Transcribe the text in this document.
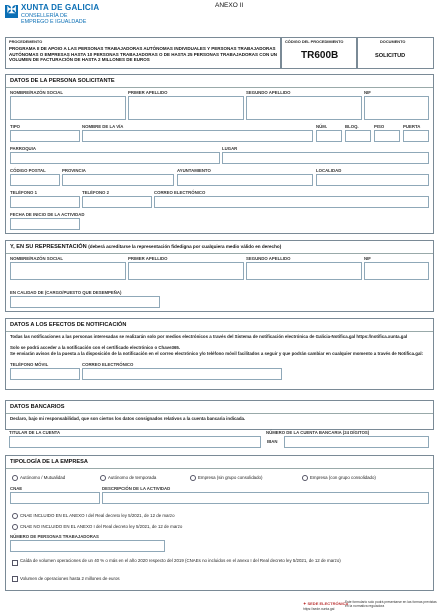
✠ XUNTA DE GALICIA
CONSELLERÍA DE
EMPREGO E IGUALDADE
ANEXO II
PROCEDEMENTO
PROGRAMA II DE APOIO A LAS PERSONAS TRABAJADORAS AUTÓNOMAS INDIVIDUALES Y PERSONAS TRABAJADORAS AUTÓNOMAS O EMPRESAS HASTA 10 PERSONAS TRABAJADORAS O DE HASTA 25 PERSONAS TRABAJADORAS CON UN VOLUMEN DE FACTURACIÓN DE HASTA 2 MILLONES DE EUROS
CÓDIGO DEL PROCEDIMIENTO
TR600B
DOCUMENTO
SOLICITUD
DATOS DE LA PERSONA SOLICITANTE
NOMBRE/RAZÓN SOCIAL	PRIMER APELLIDO	SEGUNDO APELLIDO	NIF
TIPO	NOMBRE DE LA VÍA	NÚM.	BLOQ.	PISO	PUERTA
PARROQUIA	LUGAR
CÓDIGO POSTAL	PROVINCIA	AYUNTAMIENTO	LOCALIDAD
TELÉFONO 1	TELÉFONO 2	CORREO ELECTRÓNICO
FECHA DE INICIO DE LA ACTIVIDAD
Y, EN SU REPRESENTACIÓN (deberá acreditarse la representación fidedigna por cualquiera medio válido en derecho)
NOMBRE/RAZÓN SOCIAL	PRIMER APELLIDO	SEGUNDO APELLIDO	NIF
EN CALIDAD DE (CARGO/PUESTO QUE DESEMPEÑA)
DATOS A LOS EFECTOS DE NOTIFICACIÓN
Todas las notificaciones a las personas interesadas se realizarán solo por medios electrónicos a través del Sistema de notificación electrónica de Galicia-Notifica.gal https://notifica.xunta.gal
Solo se podrá acceder a la notificación con el certificado electrónico o Chave365.
Se enviarán avisos de la puesta a la disposición de la notificación en el correo electrónico y/o teléfono móvil facilitados a seguir y que podrán cambiar en cualquier momento a través de Notifica.gal:
TELÉFONO MÓVIL	CORREO ELECTRÓNICO
DATOS BANCARIOS
Declaro, bajo mi responsabilidad, que son ciertos los datos consignados relativos a la cuenta bancaria indicada.
TITULAR DE LA CUENTA	NÚMERO DE LA CUENTA BANCARIA (24 DÍGITOS)
IBAN
TIPOLOGÍA DE LA EMPRESA
Autónomo / Mutualidad	Autónomo de temporada	Empresa (sin grupo consolidado)	Empresa (con grupo consolidado)
CNAE	DESCRIPCIÓN DE LA ACTIVIDAD
CNAE INCLUIDO EN EL ANEXO I del Real decreto ley 5/2021, de 12 de marzo
CNAE NO INCLUIDO EN EL ANEXO I del Real decreto ley 5/2021, de 12 de marzo
NÚMERO DE PERSONAS TRABAJADORAS
Caída de volumen operaciones de un 40 % o más en el año 2020 respecto del 2019 (CNAEs no incluidos en el anexo I del Real decreto ley 5/2021, de 12 de marzo)
Volumen de operaciones hasta 2 millones de euros
✦ SEDE ELECTRÓNICA
https://sede.xunta.gal
Este formulario solo podrá presentarse en las formas previstas en la normativa reguladora
